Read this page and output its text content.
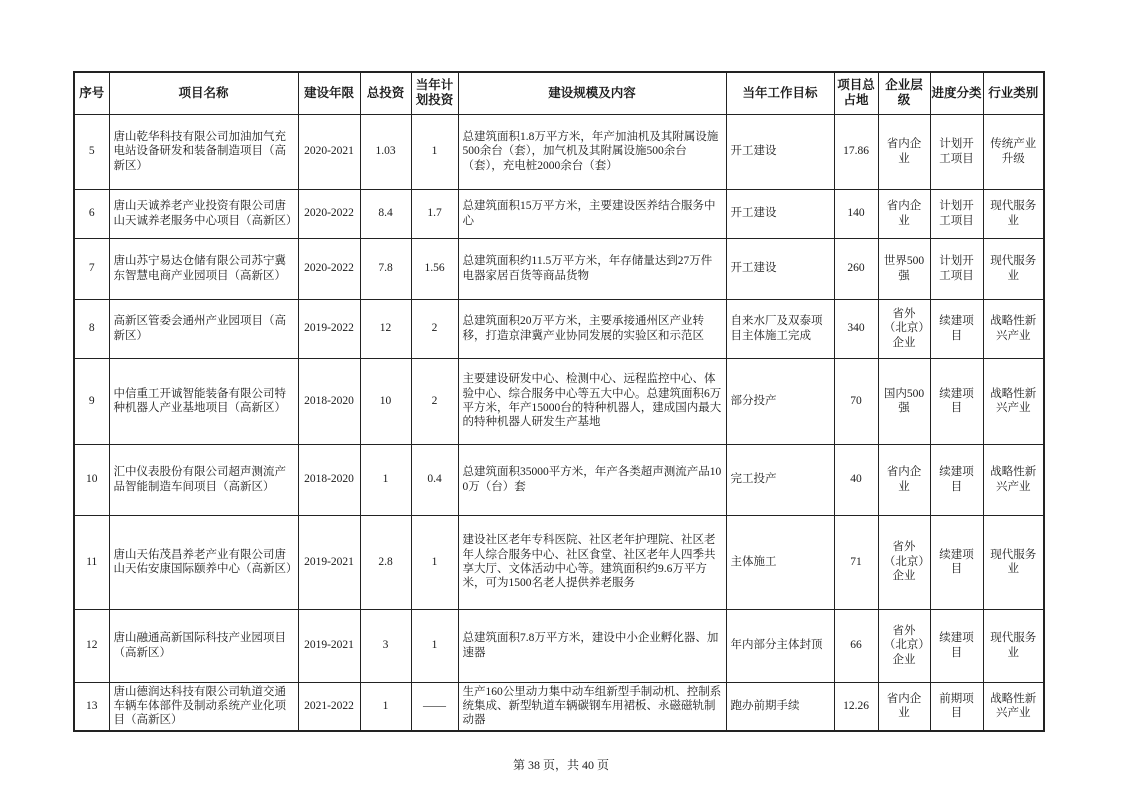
序号	项目名称	建设年限	总投资	当年计划投资	建设规模及内容	当年工作目标	项目总占地	企业层级	进度分类	行业类别
5	唐山乾华科技有限公司加油加气充电站设备研发和装备制造项目（高新区）	2020-2021	1.03	1	总建筑面积1.8万平方米，年产加油机及其附属设施500余台（套），加气机及其附属设施500余台（套），充电桩2000余台（套）	开工建设	17.86	省内企业	计划开工项目	传统产业升级
6	唐山天诚养老产业投资有限公司唐山天诚养老服务中心项目（高新区）	2020-2022	8.4	1.7	总建筑面积15万平方米，主要建设医养结合服务中心	开工建设	140	省内企业	计划开工项目	现代服务业
7	唐山苏宁易达仓储有限公司苏宁冀东智慧电商产业园项目（高新区）	2020-2022	7.8	1.56	总建筑面积约11.5万平方米，年存储量达到27万件电器家居百货等商品货物	开工建设	260	世界500强	计划开工项目	现代服务业
8	高新区管委会通州产业园项目（高新区）	2019-2022	12	2	总建筑面积20万平方米，主要承接通州区产业转移，打造京津冀产业协同发展的实验区和示范区	自来水厂及双泰项目主体施工完成	340	省外（北京）企业	续建项目	战略性新兴产业
9	中信重工开诚智能装备有限公司特种机器人产业基地项目（高新区）	2018-2020	10	2	主要建设研发中心、检测中心、远程监控中心、体验中心、综合服务中心等五大中心。总建筑面积6万平方米，年产15000台的特种机器人，建成国内最大的特种机器人研发生产基地	部分投产	70	国内500强	续建项目	战略性新兴产业
10	汇中仪表股份有限公司超声测流产品智能制造车间项目（高新区）	2018-2020	1	0.4	总建筑面积35000平方米，年产各类超声测流产品100万（台）套	完工投产	40	省内企业	续建项目	战略性新兴产业
11	唐山天佑茂昌养老产业有限公司唐山天佑安康国际颐养中心（高新区）	2019-2021	2.8	1	建设社区老年专科医院、社区老年护理院、社区老年人综合服务中心、社区食堂、社区老年人四季共享大厅、文体活动中心等。建筑面积约9.6万平方米，可为1500名老人提供养老服务	主体施工	71	省外（北京）企业	续建项目	现代服务业
12	唐山融通高新国际科技产业园项目（高新区）	2019-2021	3	1	总建筑面积7.8万平方米，建设中小企业孵化器、加速器	年内部分主体封顶	66	省外（北京）企业	续建项目	现代服务业
13	唐山德润达科技有限公司轨道交通车辆车体部件及制动系统产业化项目（高新区）	2021-2022	1	——	生产160公里动力集中动车组新型手制动机、控制系统集成、新型轨道车辆碳钢车用裙板、永磁磁轨制动器	跑办前期手续	12.26	省内企业	前期项目	战略性新兴产业
第 38 页，共 40 页
